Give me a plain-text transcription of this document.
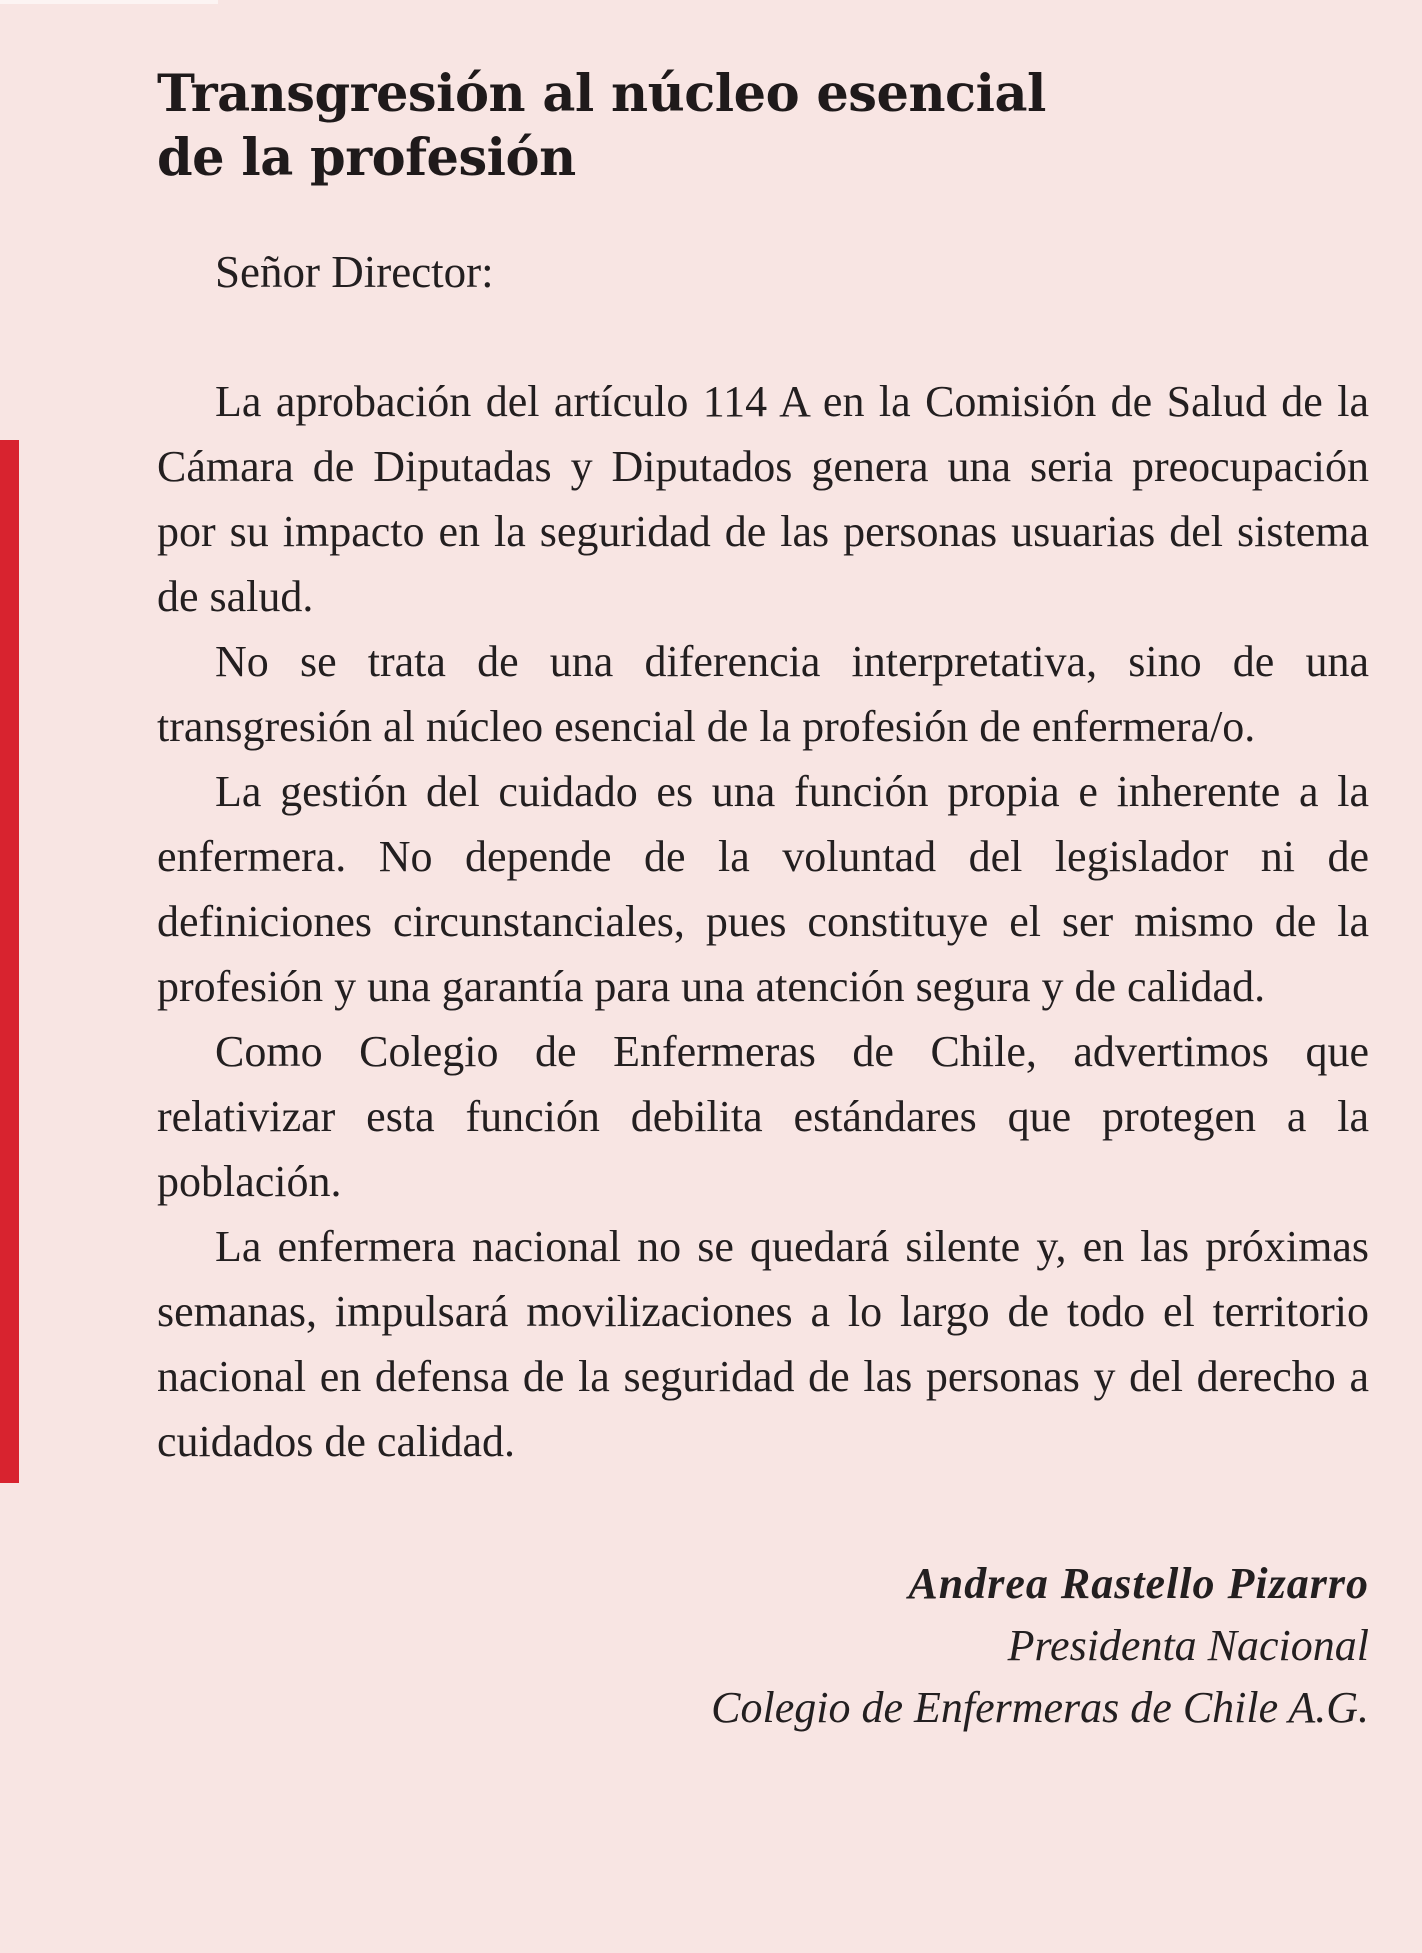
Transgresión al núcleo esencial
de la profesión

Señor Director:

La aprobación del artículo 114 A en la Comisión de Salud de la Cámara de Diputadas y Diputados genera una seria preocupación por su impacto en la seguridad de las personas usuarias del sistema de salud.

No se trata de una diferencia interpretativa, sino de una transgresión al núcleo esencial de la profesión de enfermera/o.

La gestión del cuidado es una función propia e inherente a la enfermera. No depende de la voluntad del legislador ni de definiciones circunstanciales, pues constituye el ser mismo de la profesión y una garantía para una atención segura y de calidad.

Como Colegio de Enfermeras de Chile, advertimos que relativizar esta función debilita estándares que protegen a la población.

La enfermera nacional no se quedará silente y, en las próximas semanas, impulsará movilizaciones a lo largo de todo el territorio nacional en defensa de la seguridad de las personas y del derecho a cuidados de calidad.

Andrea Rastello Pizarro
Presidenta Nacional
Colegio de Enfermeras de Chile A.G.
